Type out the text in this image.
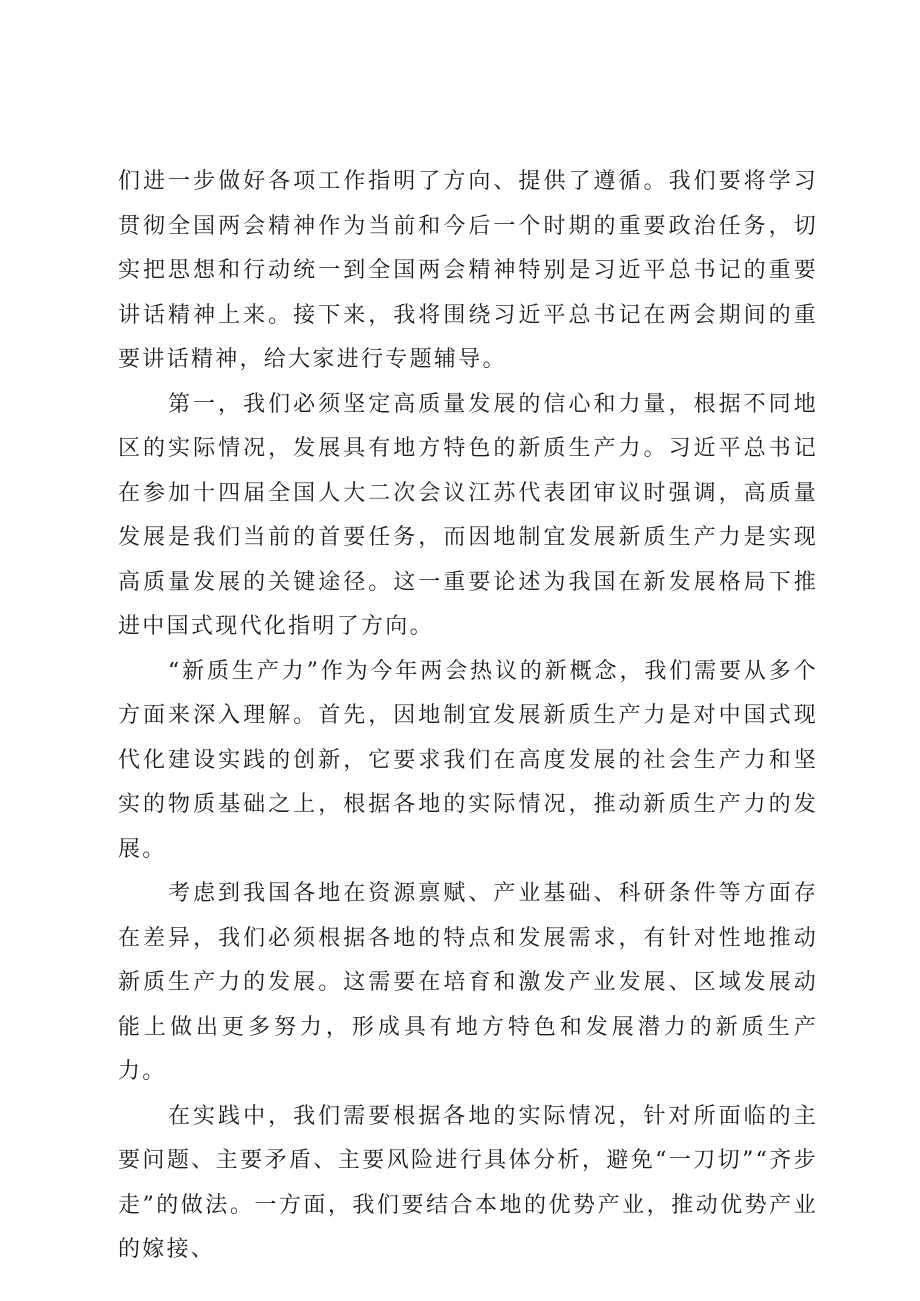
们进一步做好各项工作指明了方向、提供了遵循。我们要将学习贯彻全国两会精神作为当前和今后一个时期的重要政治任务，切实把思想和行动统一到全国两会精神特别是习近平总书记的重要讲话精神上来。接下来，我将围绕习近平总书记在两会期间的重要讲话精神，给大家进行专题辅导。

第一，我们必须坚定高质量发展的信心和力量，根据不同地区的实际情况，发展具有地方特色的新质生产力。习近平总书记在参加十四届全国人大二次会议江苏代表团审议时强调，高质量发展是我们当前的首要任务，而因地制宜发展新质生产力是实现高质量发展的关键途径。这一重要论述为我国在新发展格局下推进中国式现代化指明了方向。

“新质生产力”作为今年两会热议的新概念，我们需要从多个方面来深入理解。首先，因地制宜发展新质生产力是对中国式现代化建设实践的创新，它要求我们在高度发展的社会生产力和坚实的物质基础之上，根据各地的实际情况，推动新质生产力的发展。

考虑到我国各地在资源禀赋、产业基础、科研条件等方面存在差异，我们必须根据各地的特点和发展需求，有针对性地推动新质生产力的发展。这需要在培育和激发产业发展、区域发展动能上做出更多努力，形成具有地方特色和发展潜力的新质生产力。

在实践中，我们需要根据各地的实际情况，针对所面临的主要问题、主要矛盾、主要风险进行具体分析，避免“一刀切”“齐步走”的做法。一方面，我们要结合本地的优势产业，推动优势产业的嫁接、
